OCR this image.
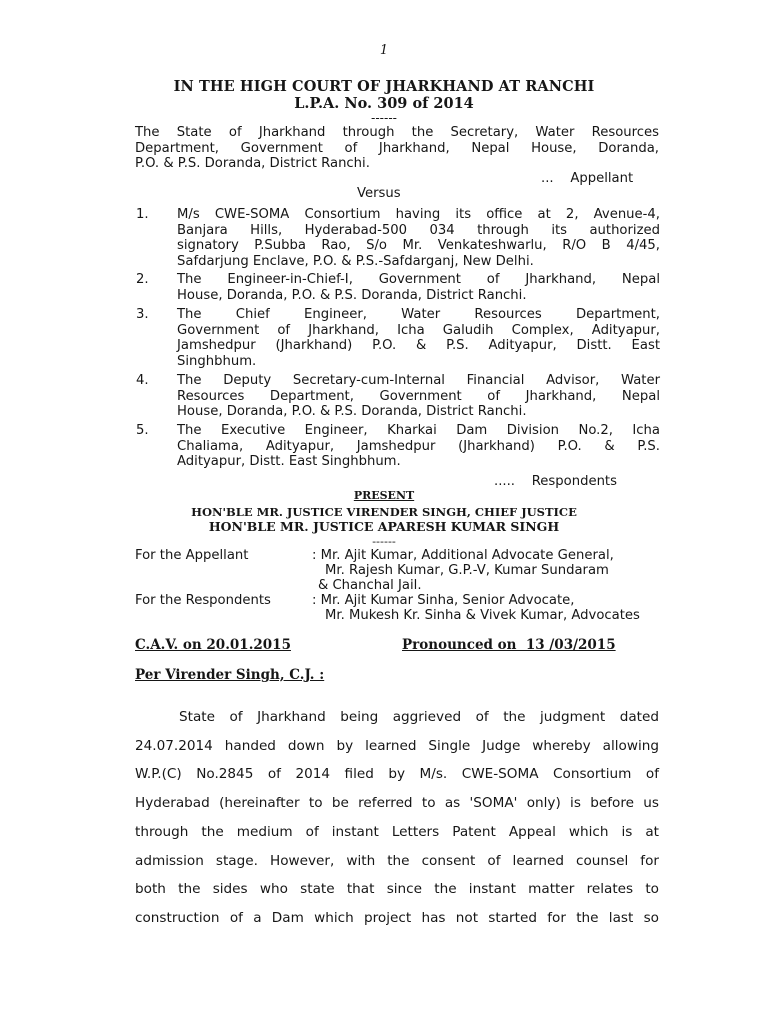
1

IN THE HIGH COURT OF JHARKHAND AT RANCHI

L.P.A. No. 309 of 2014

------

The State of Jharkhand through the Secretary, Water Resources
Department, Government of Jharkhand, Nepal House, Doranda,
P.O. & P.S. Doranda, District Ranchi.

...    Appellant

Versus

1. M/s CWE-SOMA Consortium having its office at 2, Avenue-4,
Banjara Hills, Hyderabad-500 034 through its authorized
signatory P.Subba Rao, S/o Mr. Venkateshwarlu, R/O B 4/45,
Safdarjung Enclave, P.O. & P.S.-Safdarganj, New Delhi.
2. The Engineer-in-Chief-I, Government of Jharkhand, Nepal
House, Doranda, P.O. & P.S. Doranda, District Ranchi.
3. The Chief Engineer, Water Resources Department,
Government of Jharkhand, Icha Galudih Complex, Adityapur,
Jamshedpur (Jharkhand) P.O. & P.S. Adityapur, Distt. East
Singhbhum.
4. The Deputy Secretary-cum-Internal Financial Advisor, Water
Resources Department, Government of Jharkhand, Nepal
House, Doranda, P.O. & P.S. Doranda, District Ranchi.
5. The Executive Engineer, Kharkai Dam Division No.2, Icha
Chaliama, Adityapur, Jamshedpur (Jharkhand) P.O. & P.S.
Adityapur, Distt. East Singhbhum.

.....    Respondents

PRESENT

HON'BLE MR. JUSTICE VIRENDER SINGH, CHIEF JUSTICE

HON'BLE MR. JUSTICE APARESH KUMAR SINGH

------

For the Appellant	: Mr. Ajit Kumar, Additional Advocate General,

Mr. Rajesh Kumar, G.P.-V, Kumar Sundaram

& Chanchal Jail.

For the Respondents	: Mr. Ajit Kumar Sinha, Senior Advocate,

Mr. Mukesh Kr. Sinha & Vivek Kumar, Advocates

C.A.V. on 20.01.2015	Pronounced on  13 /03/2015

Per Virender Singh, C.J. :

State of Jharkhand being aggrieved of the judgment dated
24.07.2014 handed down by learned Single Judge whereby allowing
W.P.(C) No.2845 of 2014 filed by M/s. CWE-SOMA Consortium of
Hyderabad (hereinafter to be referred to as 'SOMA' only) is before us
through the medium of instant Letters Patent Appeal which is at
admission stage. However, with the consent of learned counsel for
both the sides who state that since the instant matter relates to
construction of a Dam which project has not started for the last so
